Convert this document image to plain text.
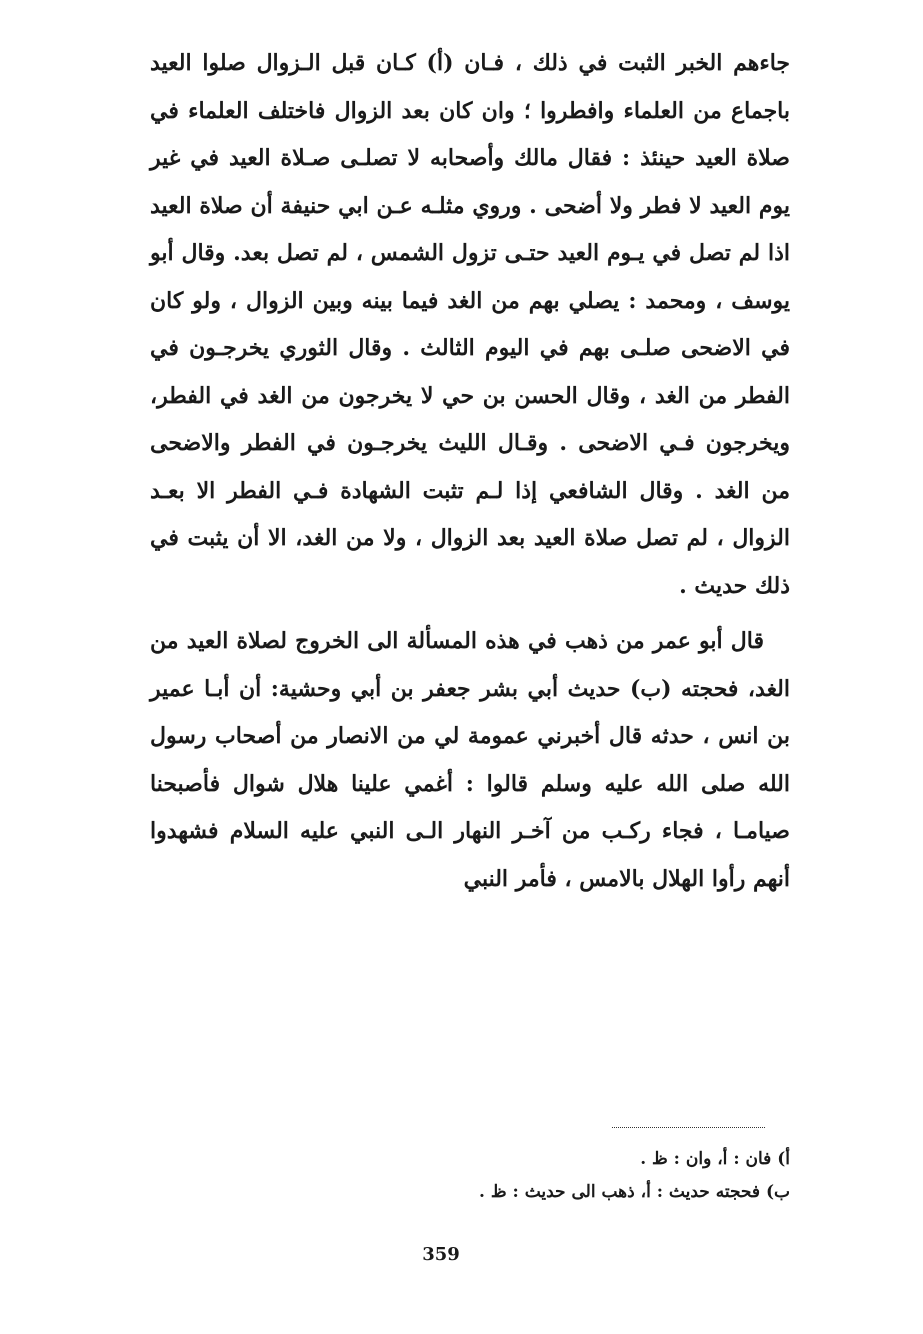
جاءهم الخبر الثبت في ذلك ، فـان (أ) كـان قبل الـزوال صلوا العيد باجماع من العلماء وافطروا ؛ وان كان بعد الزوال فاختلف العلماء في صلاة العيد حينئذ : فقال مالك وأصحابه لا تصلـى صـلاة العيد في غير يوم العيد لا فطر ولا أضحى . وروي مثلـه عـن ابي حنيفة أن صلاة العيد اذا لم تصل في يـوم العيد حتـى تزول الشمس ، لم تصل بعد. وقال أبو يوسف ، ومحمد : يصلي بهم من الغد فيما بينه وبين الزوال ، ولو كان في الاضحى صلـى بهم في اليوم الثالث . وقال الثوري يخرجـون في الفطر من الغد ، وقال الحسن بن حي لا يخرجون من الغد في الفطر، ويخرجون فـي الاضحى . وقـال الليث يخرجـون في الفطر والاضحى من الغد . وقال الشافعي إذا لـم تثبت الشهادة فـي الفطر الا بعـد الزوال ، لم تصل صلاة العيد بعد الزوال ، ولا من الغد، الا أن يثبت في ذلك حديث .

قال أبو عمر من ذهب في هذه المسألة الى الخروج لصلاة العيد من الغد، فحجته (ب) حديث أبي بشر جعفر بن أبي وحشية: أن أبـا عمير بن انس ، حدثه قال أخبرني عمومة لي من الانصار من أصحاب رسول الله صلى الله عليه وسلم قالوا : أغمي علينا هلال شوال فأصبحنا صيامـا ، فجاء ركـب من آخـر النهار الـى النبي عليه السلام فشهدوا أنهم رأوا الهلال بالامس ، فأمر النبي

أ) فان : أ، وان : ظ .

ب) فحجته حديث : أ، ذهب الى حديث : ظ .

359
